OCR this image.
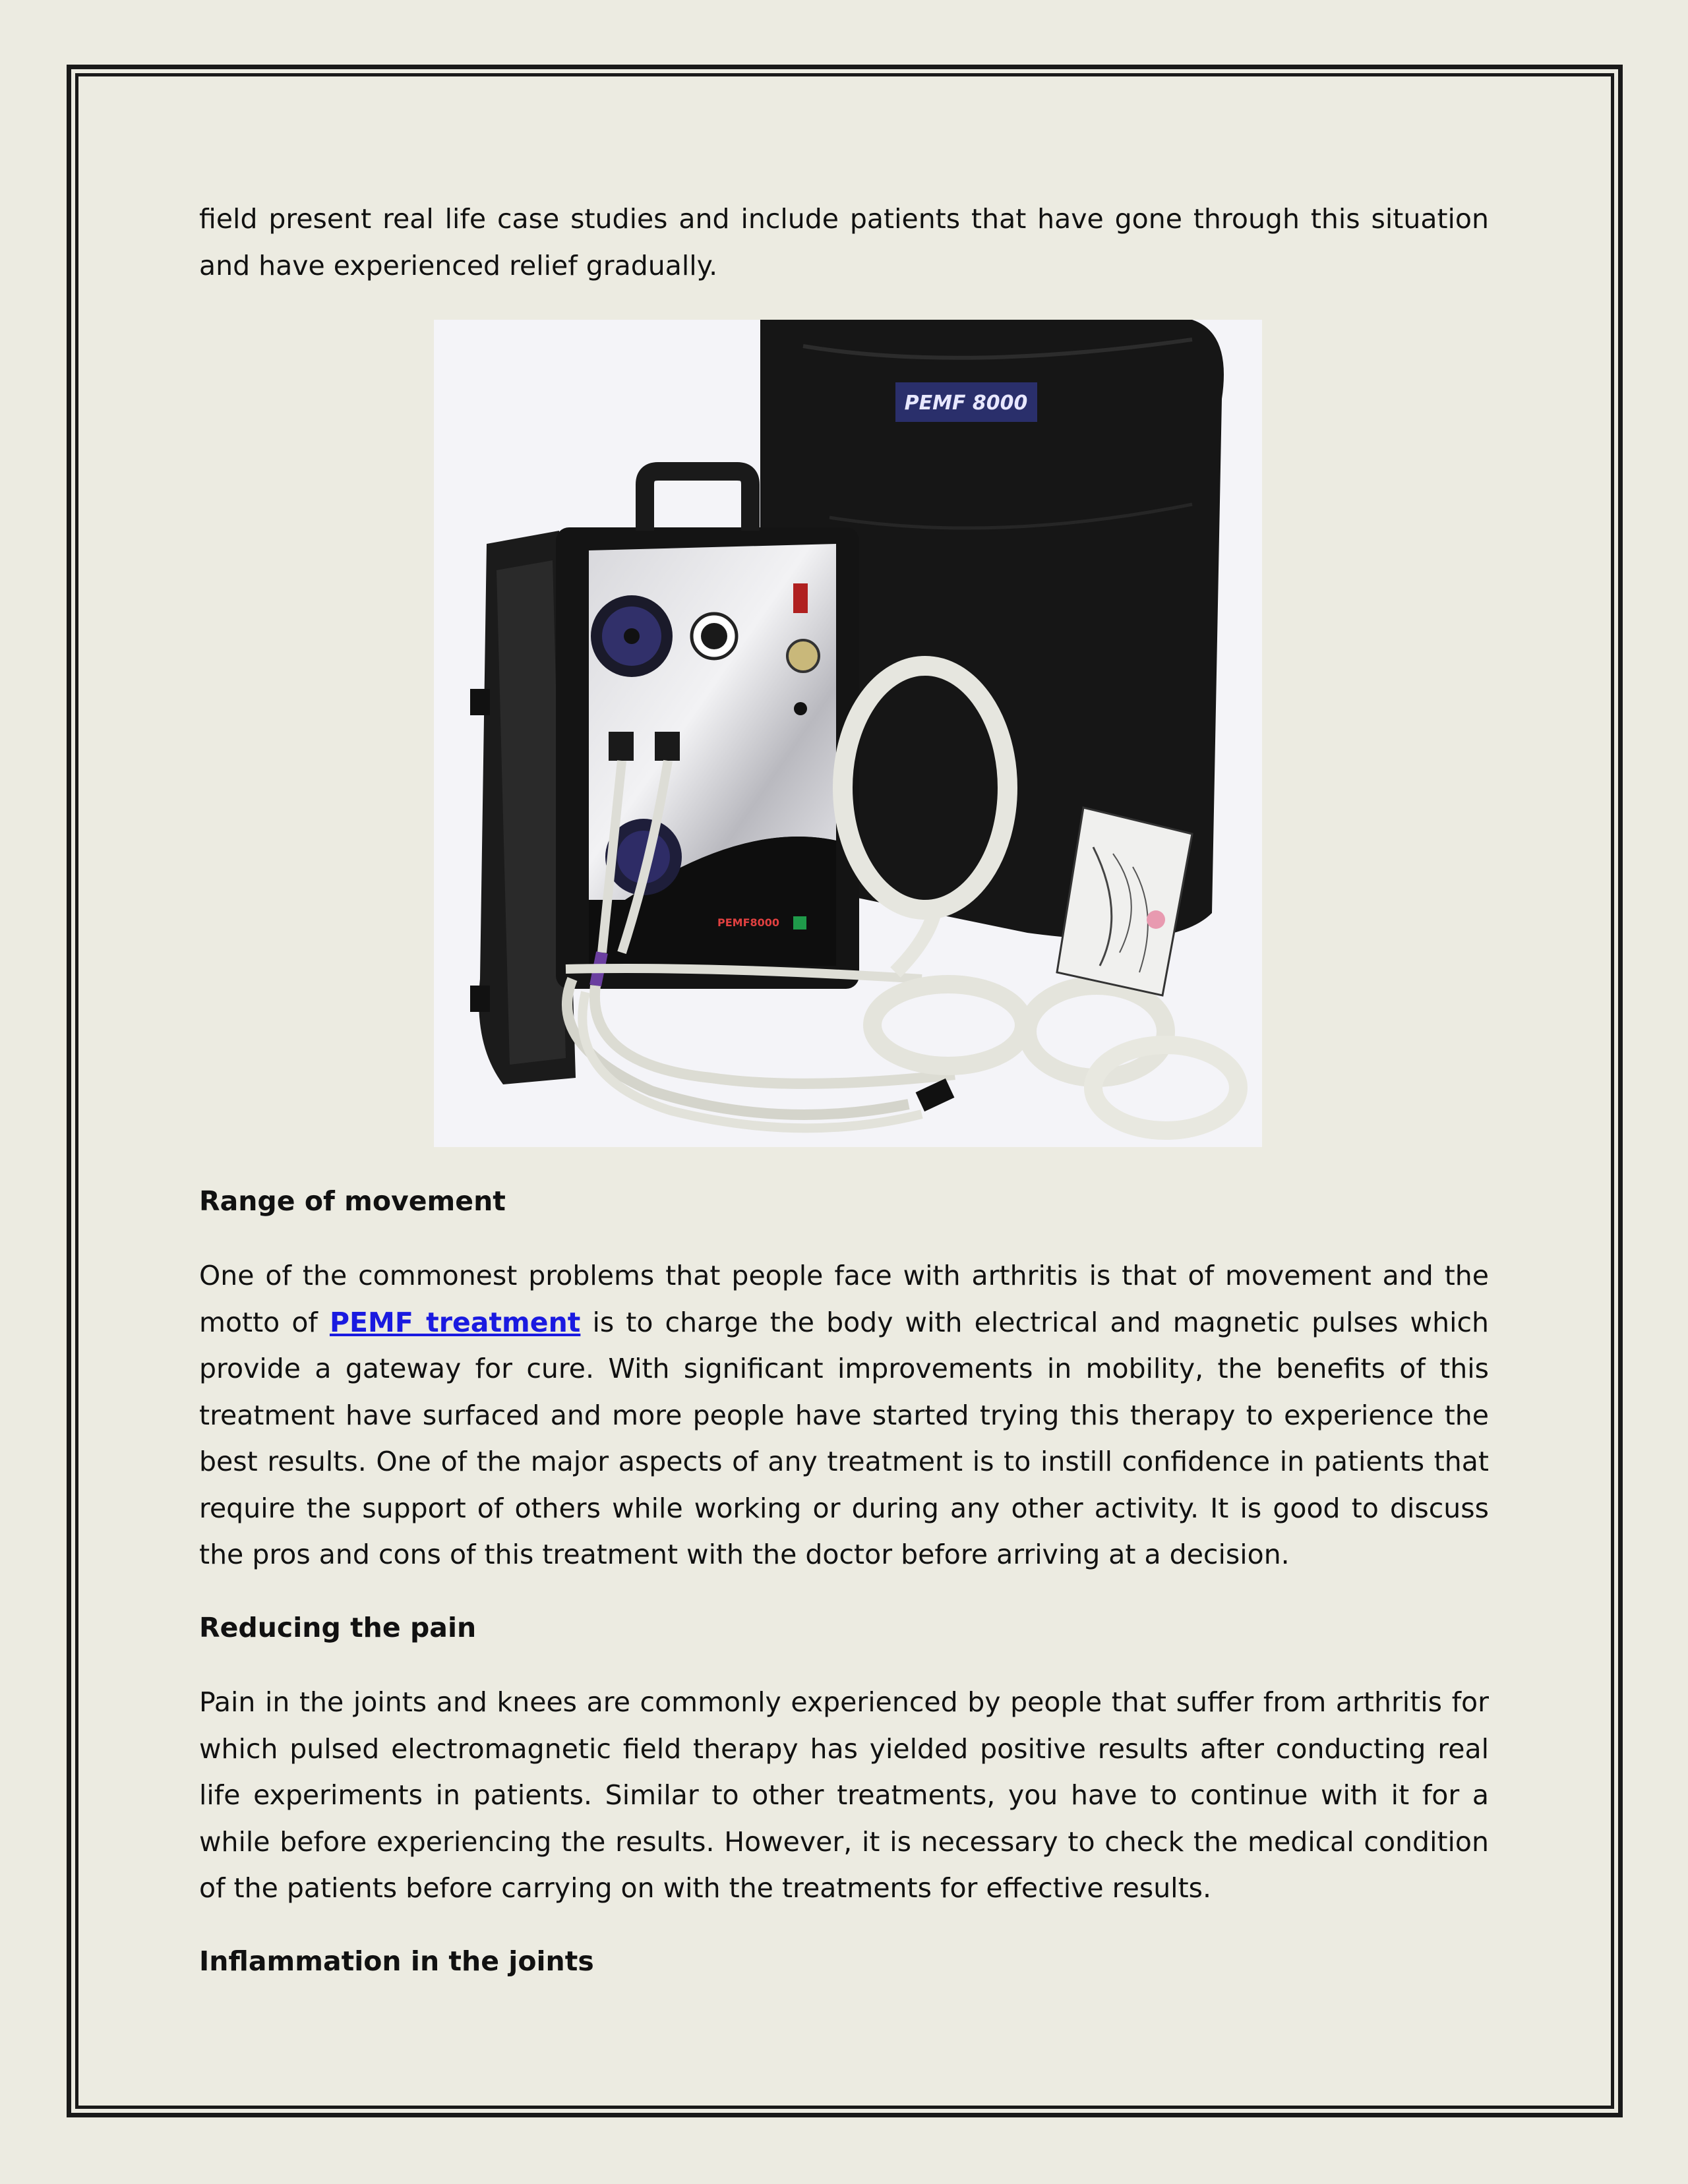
field present real life case studies and include patients that have gone through this situation and have experienced relief gradually.

PEMF 8000
PEMF8000
Range of movement

One of the commonest problems that people face with arthritis is that of movement and the motto of PEMF treatment is to charge the body with electrical and magnetic pulses which provide a gateway for cure. With significant improvements in mobility, the benefits of this treatment have surfaced and more people have started trying this therapy to experience the best results. One of the major aspects of any treatment is to instill confidence in patients that require the support of others while working or during any other activity. It is good to discuss the pros and cons of this treatment with the doctor before arriving at a decision.

Reducing the pain

Pain in the joints and knees are commonly experienced by people that suffer from arthritis for which pulsed electromagnetic field therapy has yielded positive results after conducting real life experiments in patients. Similar to other treatments, you have to continue with it for a while before experiencing the results. However, it is necessary to check the medical condition of the patients before carrying on with the treatments for effective results.

Inflammation in the joints
